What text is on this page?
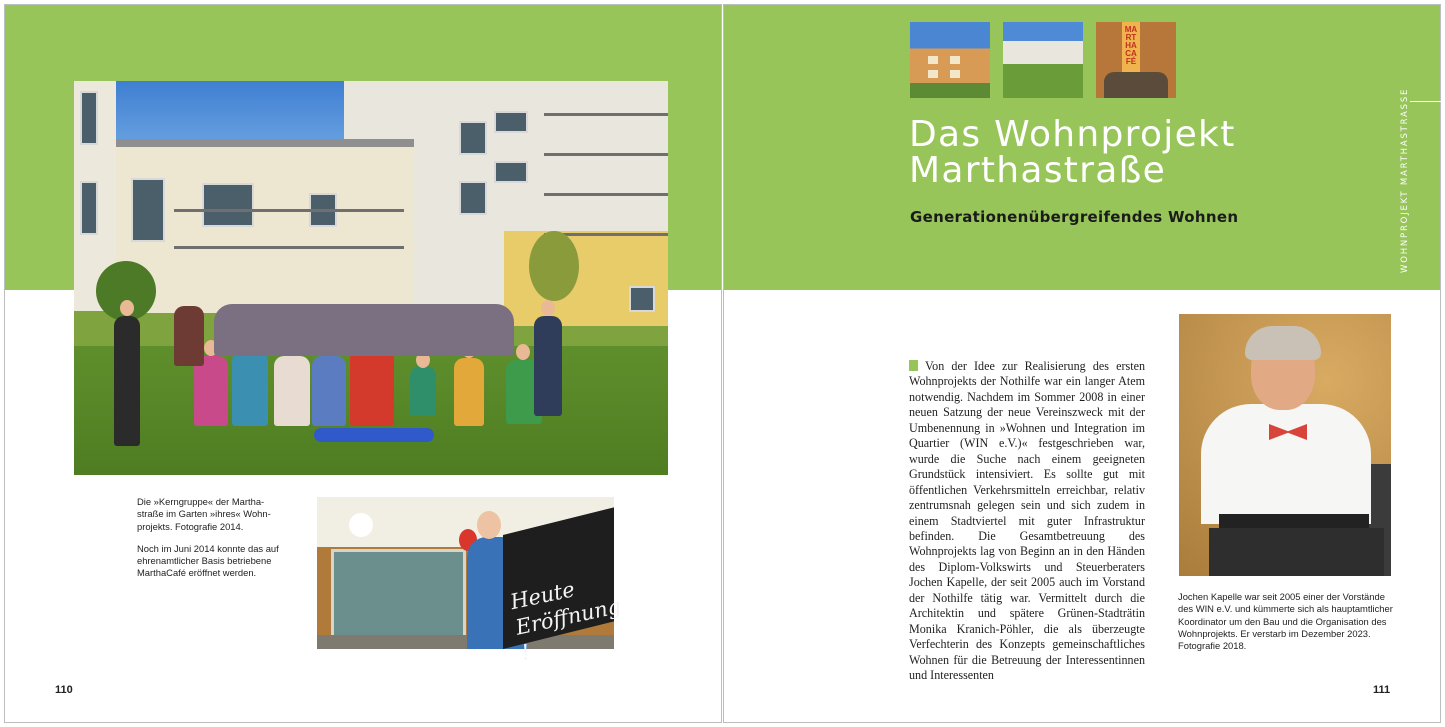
Die »Kerngruppe« der Marthastraße im Garten »ihres« Wohnprojekts. Fotografie 2014.

Noch im Juni 2014 konnte das auf ehrenamtlicher Basis betriebene MarthaCafé eröffnet werden.

Heute Eröffnung !
110
MARTHACAFÉ
WOHNPROJEKT MARTHASTRASSE
Das Wohnprojekt Marthastraße
Generationenübergreifendes Wohnen

Von der Idee zur Realisierung des ersten Wohnprojekts der Nothilfe war ein langer Atem notwendig. Nachdem im Sommer 2008 in einer neuen Satzung der neue Vereinszweck mit der Umbenennung in »Wohnen und Integration im Quartier (WIN e.V.)« festgeschrieben war, wurde die Suche nach einem geeigneten Grundstück intensiviert. Es sollte gut mit öffentlichen Verkehrsmitteln erreichbar, relativ zentrumsnah gelegen sein und sich zudem in einem Stadtviertel mit guter Infrastruktur befinden. Die Gesamtbetreuung des Wohnprojekts lag von Beginn an in den Händen des Diplom-Volkswirts und Steuerberaters Jochen Kapelle, der seit 2005 auch im Vorstand der Nothilfe tätig war. Vermittelt durch die Architektin und spätere Grünen-Stadträtin Monika Kranich-Pöhler, die als überzeugte Verfechterin des Konzepts gemeinschaftliches Wohnen für die Betreuung der Interessentinnen und Interessenten

Jochen Kapelle war seit 2005 einer der Vorstände des WIN e.V. und kümmerte sich als hauptamtlicher Koordinator um den Bau und die Organisation des Wohnprojekts. Er verstarb im Dezember 2023. Fotografie 2018.
111
